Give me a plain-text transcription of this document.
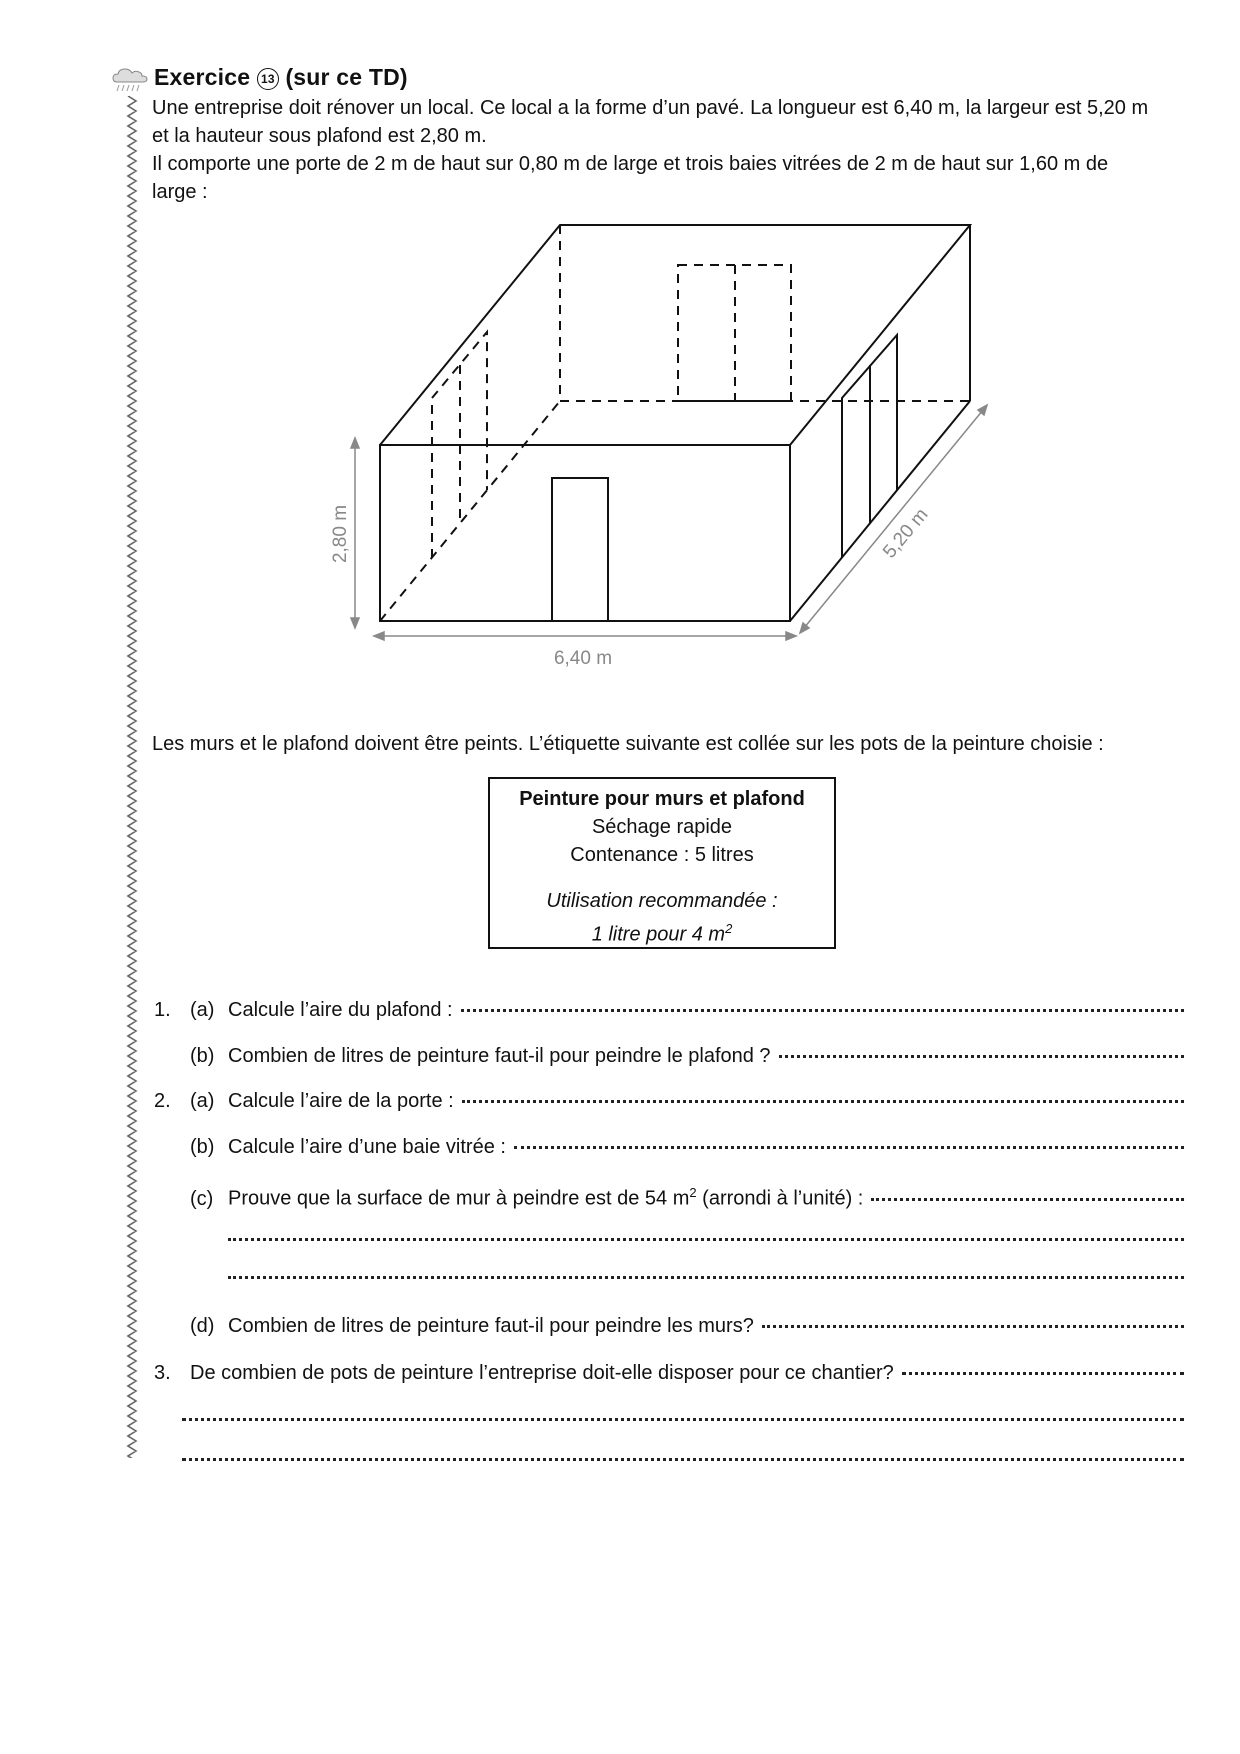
Exercice 13 (sur ce TD)
Une entreprise doit rénover un local. Ce local a la forme d’un pavé. La longueur est 6,40 m, la largeur est 5,20 m
et la hauteur sous plafond est 2,80 m.
Il comporte une porte de 2 m de haut sur 0,80 m de large et trois baies vitrées de 2 m de haut sur 1,60 m de
large :
2,80 m
6,40 m
5,20 m
Les murs et le plafond doivent être peints. L’étiquette suivante est collée sur les pots de la peinture choisie :
Peinture pour murs et plafond
Séchage rapide
Contenance : 5 litres
Utilisation recommandée :
1 litre pour 4 $m^2$
1. (a) Calcule l’aire du plafond :
(b) Combien de litres de peinture faut-il pour peindre le plafond ?
2. (a) Calcule l’aire de la porte :
(b) Calcule l’aire d’une baie vitrée :
(c) Prouve que la surface de mur à peindre est de 54 $m^2$ (arrondi à l’unité) :
(d) Combien de litres de peinture faut-il pour peindre les murs?
3. De combien de pots de peinture l’entreprise doit-elle disposer pour ce chantier?
